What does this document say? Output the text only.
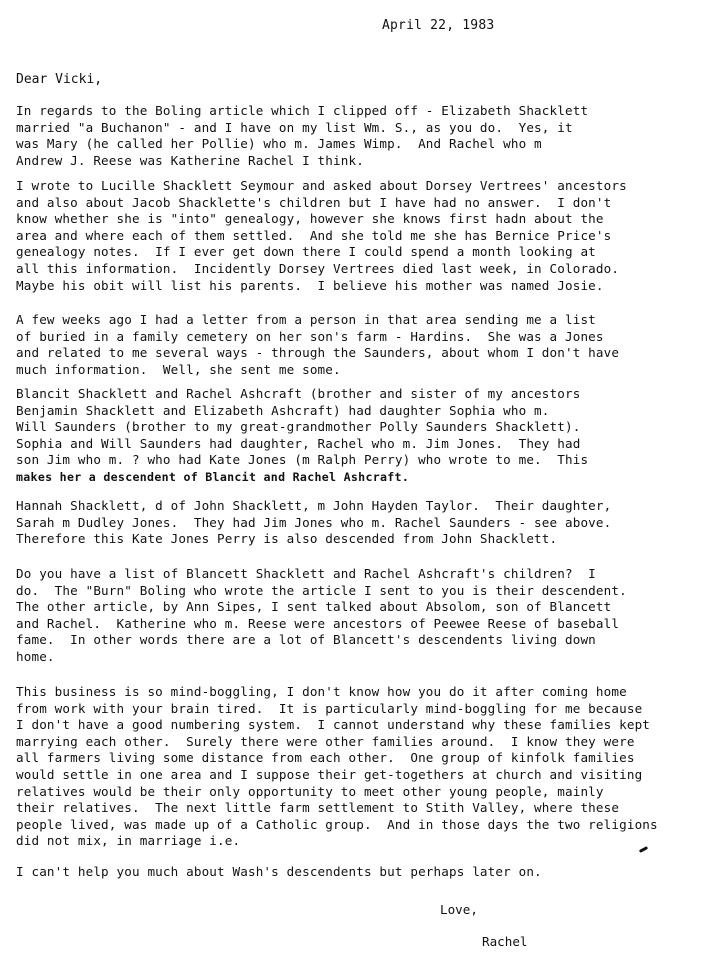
April 22, 1983
Dear Vicki,
In regards to the Boling article which I clipped off - Elizabeth Shacklett
married "a Buchanon" - and I have on my list Wm. S., as you do.  Yes, it
was Mary (he called her Pollie) who m. James Wimp.  And Rachel who m
Andrew J. Reese was Katherine Rachel I think.
I wrote to Lucille Shacklett Seymour and asked about Dorsey Vertrees' ancestors
and also about Jacob Shacklette's children but I have had no answer.  I don't
know whether she is "into" genealogy, however she knows first hadn about the
area and where each of them settled.  And she told me she has Bernice Price's
genealogy notes.  If I ever get down there I could spend a month looking at
all this information.  Incidently Dorsey Vertrees died last week, in Colorado.
Maybe his obit will list his parents.  I believe his mother was named Josie.
A few weeks ago I had a letter from a person in that area sending me a list
of buried in a family cemetery on her son's farm - Hardins.  She was a Jones
and related to me several ways - through the Saunders, about whom I don't have
much information.  Well, she sent me some.
Blancit Shacklett and Rachel Ashcraft (brother and sister of my ancestors
Benjamin Shacklett and Elizabeth Ashcraft) had daughter Sophia who m.
Will Saunders (brother to my great-grandmother Polly Saunders Shacklett).
Sophia and Will Saunders had daughter, Rachel who m. Jim Jones.  They had
son Jim who m. ? who had Kate Jones (m Ralph Perry) who wrote to me.  This
makes her a descendent of Blancit and Rachel Ashcraft.
Hannah Shacklett, d of John Shacklett, m John Hayden Taylor.  Their daughter,
Sarah m Dudley Jones.  They had Jim Jones who m. Rachel Saunders - see above.
Therefore this Kate Jones Perry is also descended from John Shacklett.
Do you have a list of Blancett Shacklett and Rachel Ashcraft's children?  I
do.  The "Burn" Boling who wrote the article I sent to you is their descendent.
The other article, by Ann Sipes, I sent talked about Absolom, son of Blancett
and Rachel.  Katherine who m. Reese were ancestors of Peewee Reese of baseball
fame.  In other words there are a lot of Blancett's descendents living down
home.
This business is so mind-boggling, I don't know how you do it after coming home
from work with your brain tired.  It is particularly mind-boggling for me because
I don't have a good numbering system.  I cannot understand why these families kept
marrying each other.  Surely there were other families around.  I know they were
all farmers living some distance from each other.  One group of kinfolk families
would settle in one area and I suppose their get-togethers at church and visiting
relatives would be their only opportunity to meet other young people, mainly
their relatives.  The next little farm settlement to Stith Valley, where these
people lived, was made up of a Catholic group.  And in those days the two religions
did not mix, in marriage i.e.
I can't help you much about Wash's descendents but perhaps later on.
Love,
Rachel
